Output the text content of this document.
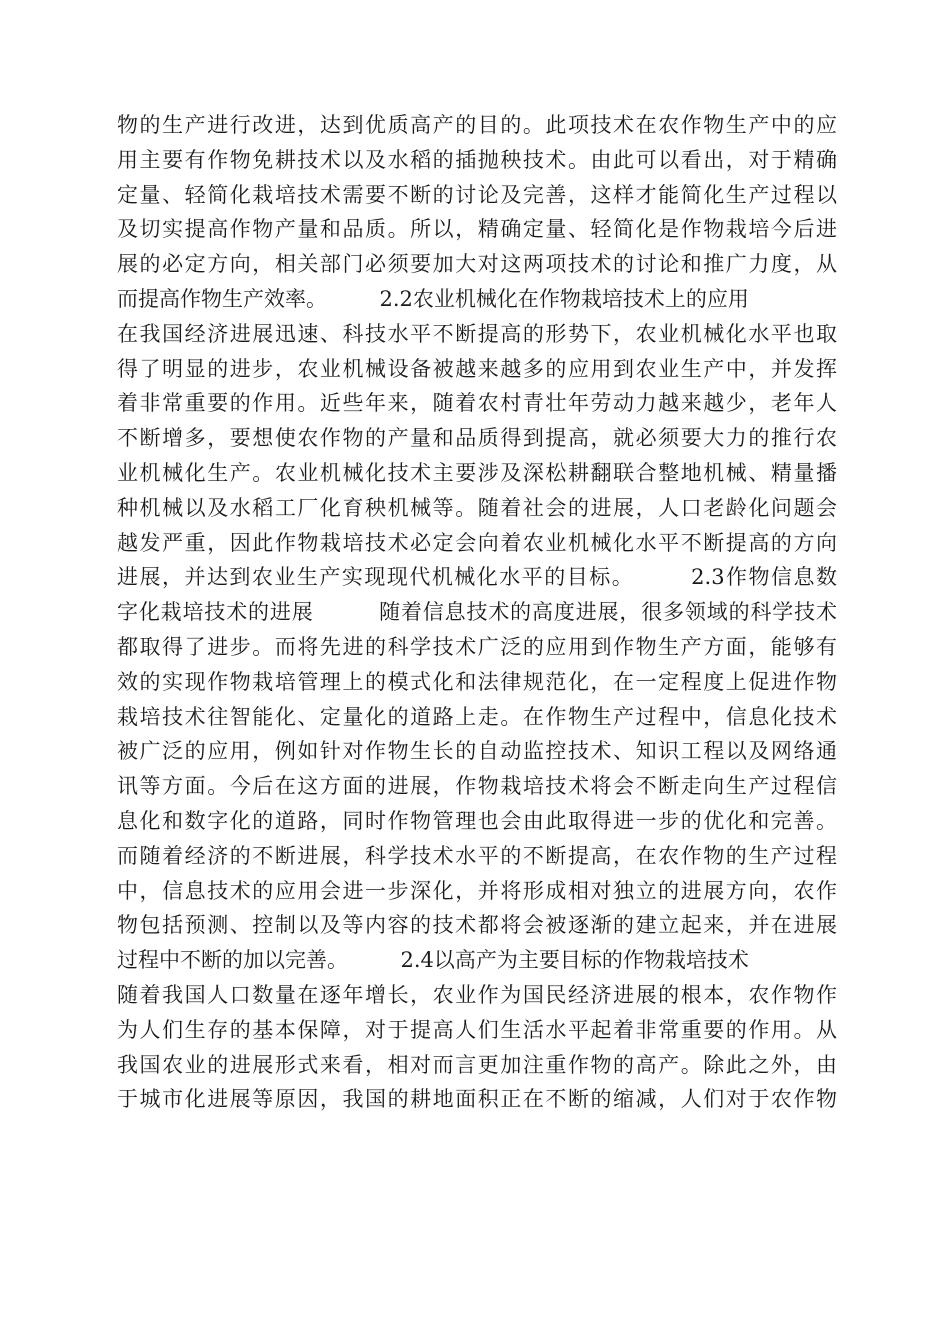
物的生产进行改进，达到优质高产的目的。此项技术在农作物生产中的应
用主要有作物免耕技术以及水稻的插抛秧技术。由此可以看出，对于精确
定量、轻简化栽培技术需要不断的讨论及完善，这样才能简化生产过程以
及切实提高作物产量和品质。所以，精确定量、轻简化是作物栽培今后进
展的必定方向，相关部门必须要加大对这两项技术的讨论和推广力度，从
而提高作物生产效率。　　　2.2农业机械化在作物栽培技术上的应用
在我国经济进展迅速、科技水平不断提高的形势下，农业机械化水平也取
得了明显的进步，农业机械设备被越来越多的应用到农业生产中，并发挥
着非常重要的作用。近些年来，随着农村青壮年劳动力越来越少，老年人
不断增多，要想使农作物的产量和品质得到提高，就必须要大力的推行农
业机械化生产。农业机械化技术主要涉及深松耕翻联合整地机械、精量播
种机械以及水稻工厂化育秧机械等。随着社会的进展，人口老龄化问题会
越发严重，因此作物栽培技术必定会向着农业机械化水平不断提高的方向
进展，并达到农业生产实现现代机械化水平的目标。　　　2.3作物信息数
字化栽培技术的进展　　　随着信息技术的高度进展，很多领域的科学技术
都取得了进步。而将先进的科学技术广泛的应用到作物生产方面，能够有
效的实现作物栽培管理上的模式化和法律规范化，在一定程度上促进作物
栽培技术往智能化、定量化的道路上走。在作物生产过程中，信息化技术
被广泛的应用，例如针对作物生长的自动监控技术、知识工程以及网络通
讯等方面。今后在这方面的进展，作物栽培技术将会不断走向生产过程信
息化和数字化的道路，同时作物管理也会由此取得进一步的优化和完善。
而随着经济的不断进展，科学技术水平的不断提高，在农作物的生产过程
中，信息技术的应用会进一步深化，并将形成相对独立的进展方向，农作
物包括预测、控制以及等内容的技术都将会被逐渐的建立起来，并在进展
过程中不断的加以完善。　　　2.4以高产为主要目标的作物栽培技术
随着我国人口数量在逐年增长，农业作为国民经济进展的根本，农作物作
为人们生存的基本保障，对于提高人们生活水平起着非常重要的作用。从
我国农业的进展形式来看，相对而言更加注重作物的高产。除此之外，由
于城市化进展等原因，我国的耕地面积正在不断的缩减，人们对于农作物
